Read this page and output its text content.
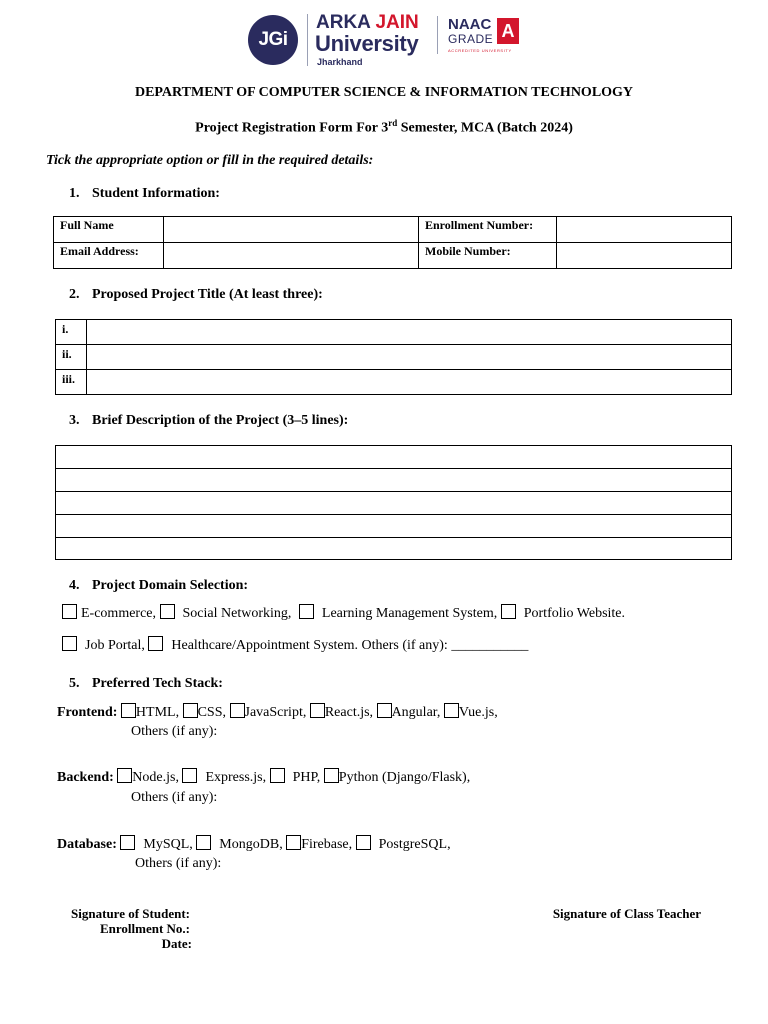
JGi
ARKA JAIN
University
Jharkhand
NAAC
GRADE A
ACCREDITED UNIVERSITY
DEPARTMENT OF COMPUTER SCIENCE & INFORMATION TECHNOLOGY
Project Registration Form For 3rd Semester, MCA (Batch 2024)
Tick the appropriate option or fill in the required details:
1. Student Information:
Full Name		Enrollment Number:	
Email Address:		Mobile Number:	
2. Proposed Project Title (At least three):
i.	
ii.	
iii.	
3. Brief Description of the Project (3–5 lines):

4. Project Domain Selection:
E-commerce, Social Networking, Learning Management System, Portfolio Website.
Job Portal, Healthcare/Appointment System. Others (if any): ___________
5. Preferred Tech Stack:
Frontend: HTML, CSS, JavaScript, React.js, Angular, Vue.js,
Others (if any):
Backend: Node.js, Express.js, PHP, Python (Django/Flask),
Others (if any):
Database: MySQL, MongoDB, Firebase, PostgreSQL,
Others (if any):
Signature of Student:
Enrollment No.:
Date:
Signature of Class Teacher
